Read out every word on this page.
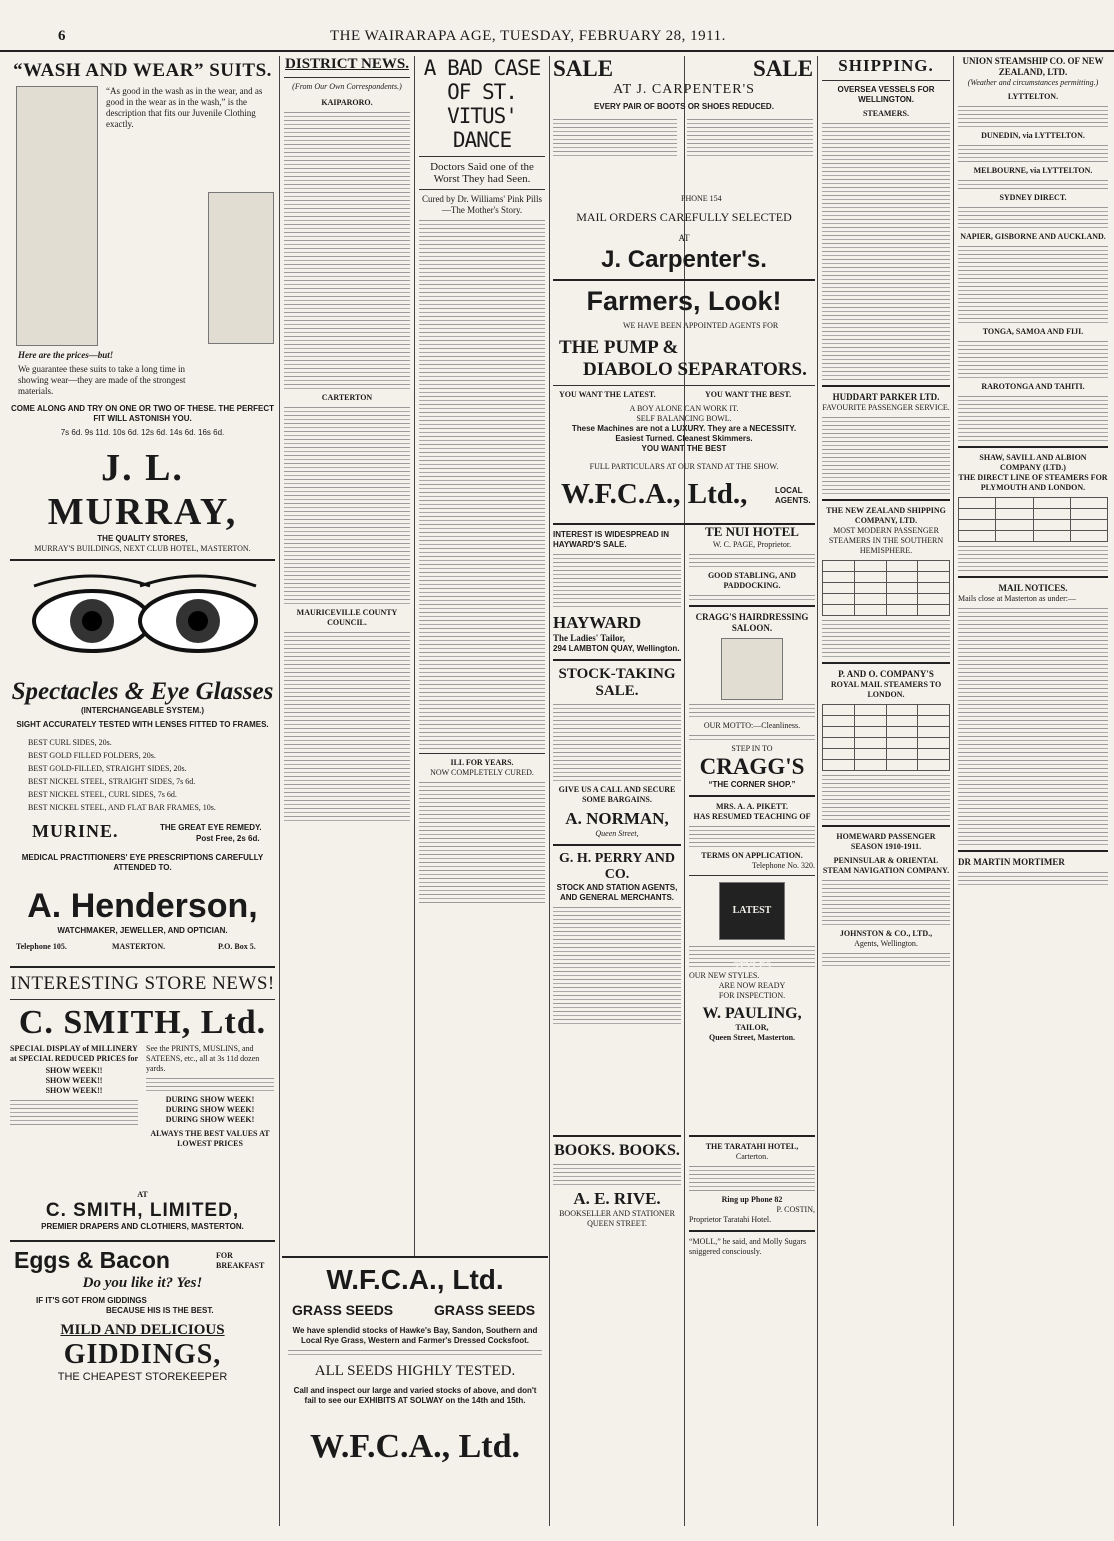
6	THE WAIRARAPA AGE, TUESDAY, FEBRUARY 28, 1911.
“WASH AND WEAR” SUITS.
“As good in the wash as in the wear, and as good in the wear as in the wash,” is the description that fits our Juvenile Clothing exactly.
Here are the prices—but!
We guarantee these suits to take a long time in showing wear—they are made of the strongest materials.
COME ALONG AND TRY ON ONE OR TWO OF THESE. THE PERFECT FIT WILL ASTONISH YOU.
7s 6d. 9s 11d. 10s 6d. 12s 6d. 14s 6d. 16s 6d.
J. L. MURRAY,
THE QUALITY STORES,
MURRAY'S BUILDINGS, NEXT CLUB HOTEL, MASTERTON.
Spectacles & Eye Glasses
(INTERCHANGEABLE SYSTEM.)
SIGHT ACCURATELY TESTED WITH LENSES FITTED TO FRAMES.
BEST CURL SIDES, 20s.
BEST GOLD FILLED FOLDERS, 20s.
BEST GOLD-FILLED, STRAIGHT SIDES, 20s.
BEST NICKEL STEEL, STRAIGHT SIDES, 7s 6d.
BEST NICKEL STEEL, CURL SIDES, 7s 6d.
BEST NICKEL STEEL, AND FLAT BAR FRAMES, 10s.
MURINE.	THE GREAT EYE REMEDY.
Post Free, 2s 6d.
MEDICAL PRACTITIONERS' EYE PRESCRIPTIONS CAREFULLY ATTENDED TO.
A. Henderson,
WATCHMAKER, JEWELLER, AND OPTICIAN.
Telephone 105.	MASTERTON.	P.O. Box 5.
INTERESTING STORE NEWS!
C. SMITH, Ltd.
SPECIAL DISPLAY of MILLINERY at SPECIAL REDUCED PRICES for
SHOW WEEK!!
SHOW WEEK!!
SHOW WEEK!!
See the PRINTS, MUSLINS, and SATEENS, etc., all at 3s 11d dozen yards.
DURING SHOW WEEK!
DURING SHOW WEEK!
DURING SHOW WEEK!
ALWAYS THE BEST VALUES AT LOWEST PRICES
AT
C. SMITH, LIMITED,
PREMIER DRAPERS AND CLOTHIERS, MASTERTON.
Eggs & Bacon	FOR BREAKFAST
Do you like it? Yes!
IF IT'S GOT FROM GIDDINGS
BECAUSE HIS IS THE BEST.
MILD AND DELICIOUS
GIDDINGS,
THE CHEAPEST STOREKEEPER
DISTRICT NEWS.
(From Our Own Correspondents.)
KAIPARORO.
CARTERTON
MAURICEVILLE COUNTY COUNCIL.
A BAD CASE OF ST. VITUS' DANCE
Doctors Said one of the Worst They had Seen.
Cured by Dr. Williams' Pink Pills—The Mother's Story.
ILL FOR YEARS.
NOW COMPLETELY CURED.
W.F.C.A., Ltd.
GRASS SEEDS	GRASS SEEDS
We have splendid stocks of Hawke's Bay, Sandon, Southern and Local Rye Grass, Western and Farmer's Dressed Cocksfoot.
ALL SEEDS HIGHLY TESTED.
Call and inspect our large and varied stocks of above, and don't fail to see our EXHIBITS AT SOLWAY on the 14th and 15th.
W.F.C.A., Ltd.
SALE	SALE
AT J. CARPENTER'S
EVERY PAIR OF BOOTS OR SHOES REDUCED.
PHONE 154
MAIL ORDERS CAREFULLY SELECTED
AT
J. Carpenter's.
Farmers, Look!
WE HAVE BEEN APPOINTED AGENTS FOR
THE PUMP &
DIABOLO SEPARATORS.
YOU WANT THE LATEST.	YOU WANT THE BEST.
A BOY ALONE CAN WORK IT.
SELF BALANCING BOWL.
These Machines are not a LUXURY. They are a NECESSITY.
Easiest Turned. Cleanest Skimmers.
YOU WANT THE BEST
FULL PARTICULARS AT OUR STAND AT THE SHOW.
W.F.C.A., Ltd.,	LOCAL AGENTS.
INTEREST IS WIDESPREAD IN HAYWARD'S SALE.
HAYWARD
The Ladies' Tailor,
294 LAMBTON QUAY, Wellington.
STOCK-TAKING SALE.
GIVE US A CALL AND SECURE SOME BARGAINS.
A. NORMAN,
Queen Street,
G. H. PERRY AND CO.
STOCK AND STATION AGENTS, AND GENERAL MERCHANTS.
TE NUI HOTEL
W. C. PAGE, Proprietor.
GOOD STABLING, AND PADDOCKING.
CRAGG'S HAIRDRESSING SALOON.
OUR MOTTO:—Cleanliness.
STEP IN TO
CRAGG'S
“THE CORNER SHOP.”
MRS. A. A. PIKETT.
HAS RESUMED TEACHING OF
TERMS ON APPLICATION.
Telephone No. 320.
LATEST STYLES
OUR NEW STYLES.
ARE NOW READY
FOR INSPECTION.
W. PAULING,
TAILOR,
Queen Street, Masterton.
BOOKS. BOOKS.
A. E. RIVE.
BOOKSELLER AND STATIONER QUEEN STREET.
THE TARATAHI HOTEL,
Carterton.
Ring up Phone 82
P. COSTIN,
Proprietor Taratahi Hotel.
“MOLL,” he said, and Molly Sugars sniggered consciously.
SHIPPING.
OVERSEA VESSELS FOR WELLINGTON.
STEAMERS.
HUDDART PARKER LTD.
FAVOURITE PASSENGER SERVICE.
THE NEW ZEALAND SHIPPING COMPANY, LTD.
MOST MODERN PASSENGER STEAMERS IN THE SOUTHERN HEMISPHERE.

P. AND O. COMPANY'S
ROYAL MAIL STEAMERS TO LONDON.

HOMEWARD PASSENGER SEASON 1910-1911.
PENINSULAR & ORIENTAL STEAM NAVIGATION COMPANY.
JOHNSTON & CO., LTD.,
Agents, Wellington.
UNION STEAMSHIP CO. OF NEW ZEALAND, LTD.
(Weather and circumstances permitting.)
LYTTELTON.
DUNEDIN, via LYTTELTON.
MELBOURNE, via LYTTELTON.
SYDNEY DIRECT.
NAPIER, GISBORNE AND AUCKLAND.
TONGA, SAMOA AND FIJI.
RAROTONGA AND TAHITI.
SHAW, SAVILL AND ALBION COMPANY (LTD.)
THE DIRECT LINE OF STEAMERS FOR PLYMOUTH AND LONDON.

MAIL NOTICES.
Mails close at Masterton as under:—
DR MARTIN MORTIMER
